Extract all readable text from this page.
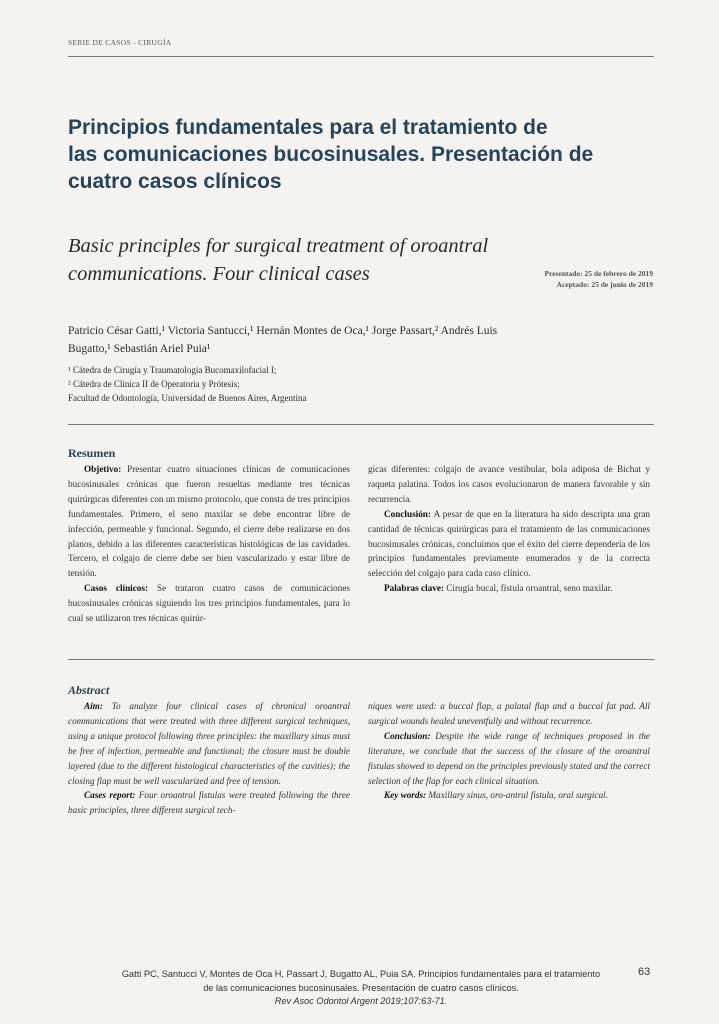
SERIE DE CASOS - CIRUGÍA
Principios fundamentales para el tratamiento de
las comunicaciones bucosinusales. Presentación de
cuatro casos clínicos
Basic principles for surgical treatment of oroantral
communications. Four clinical cases	Presentado: 25 de febrero de 2019
Aceptado: 25 de junio de 2019
Patricio César Gatti,¹ Victoria Santucci,¹ Hernán Montes de Oca,¹ Jorge Passart,² Andrés Luis
Bugatto,¹ Sebastián Ariel Puia¹
¹ Cátedra de Cirugía y Traumatología Bucomaxilofacial I;
² Cátedra de Clínica II de Operatoria y Prótesis;
Facultad de Odontología, Universidad de Buenos Aires, Argentina
Resumen

Objetivo: Presentar cuatro situaciones clínicas de comunicaciones bucosinusales crónicas que fueron resueltas mediante tres técnicas quirúrgicas diferentes con un mismo protocolo, que consta de tres principios fundamentales. Primero, el seno maxilar se debe encontrar libre de infección, permeable y funcional. Segundo, el cierre debe realizarse en dos planos, debido a las diferentes características histológicas de las cavidades. Tercero, el colgajo de cierre debe ser bien vascularizado y estar libre de tensión.

Casos clínicos: Se trataron cuatro casos de comunicaciones bucosinusales crónicas siguiendo los tres principios fundamentales, para lo cual se utilizaron tres técnicas quirúr-

gicas diferentes: colgajo de avance vestibular, bola adiposa de Bichat y raqueta palatina. Todos los casos evolucionaron de manera favorable y sin recurrencia.

Conclusión: A pesar de que en la literatura ha sido descripta una gran cantidad de técnicas quirúrgicas para el tratamiento de las comunicaciones bucosinusales crónicas, concluimos que el éxito del cierre dependería de los principios fundamentales previamente enumerados y de la correcta selección del colgajo para cada caso clínico.

Palabras clave: Cirugía bucal, fístula oroantral, seno maxilar.

Abstract

Aim: To analyze four clinical cases of chronical oroantral communications that were treated with three different surgical techniques, using a unique protocol following three principles: the maxillary sinus must be free of infection, permeable and functional; the closure must be double layered (due to the different histological characteristics of the cavities); the closing flap must be well vascularized and free of tension.

Cases report: Four oroantral fistulas were treated following the three basic principles, three different surgical tech-

niques were used: a buccal flap, a palatal flap and a buccal fat pad. All surgical wounds healed uneventfully and without recurrence.

Conclusion: Despite the wide range of techniques proposed in the literature, we conclude that the success of the closure of the oroantral fistulas showed to depend on the principles previously stated and the correct selection of the flap for each clinical situation.

Key words: Maxillary sinus, oro-antral fistula, oral surgical.

Gatti PC, Santucci V, Montes de Oca H, Passart J, Bugatto AL, Puia SA. Principios fundamentales para el tratamiento
de las comunicaciones bucosinusales. Presentación de cuatro casos clínicos.
Rev Asoc Odontol Argent 2019;107:63-71.
63
